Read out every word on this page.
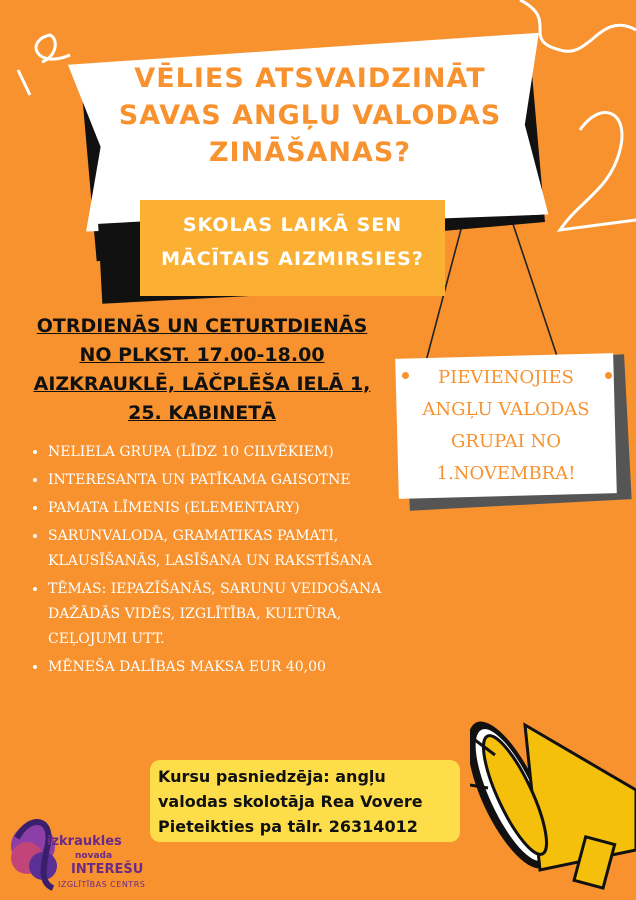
VĒLIES ATSVAIDZINĀT
SAVAS ANGĻU VALODAS
ZINĀŠANAS?
SKOLAS LAIKĀ SEN
MĀCĪTAIS AIZMIRSIES?
OTRDIENĀS UN CETURTDIENĀS
NO PLKST. 17.00-18.00
AIZKRAUKLĒ, LĀČPLĒŠA IELĀ 1,
25. KABINETĀ
• NELIELA GRUPA (LĪDZ 10 CILVĒKIEM)
• INTERESANTA UN PATĪKAMA GAISOTNE
• PAMATA LĪMENIS (ELEMENTARY)
• SARUNVALODA, GRAMATIKAS PAMATI, KLAUSĪŠANĀS, LASĪŠANA UN RAKSTĪŠANA
• TĒMAS: IEPAZĪŠANĀS, SARUNU VEIDOŠANA DAŽĀDĀS VIDĒS, IZGLĪTĪBA, KULTŪRA, CEĻOJUMI UTT.
• MĒNEŠA DALĪBAS MAKSA EUR 40,00
PIEVIENOJIES
ANGĻU VALODAS
GRUPAI NO
1.NOVEMBRA!
Kursu pasniedzēja: angļu
valodas skolotāja Rea Vovere
Pieteikties pa tālr. 26314012
izkraukles
novada
INTEREŠU
IZGLĪTĪBAS CENTRS
